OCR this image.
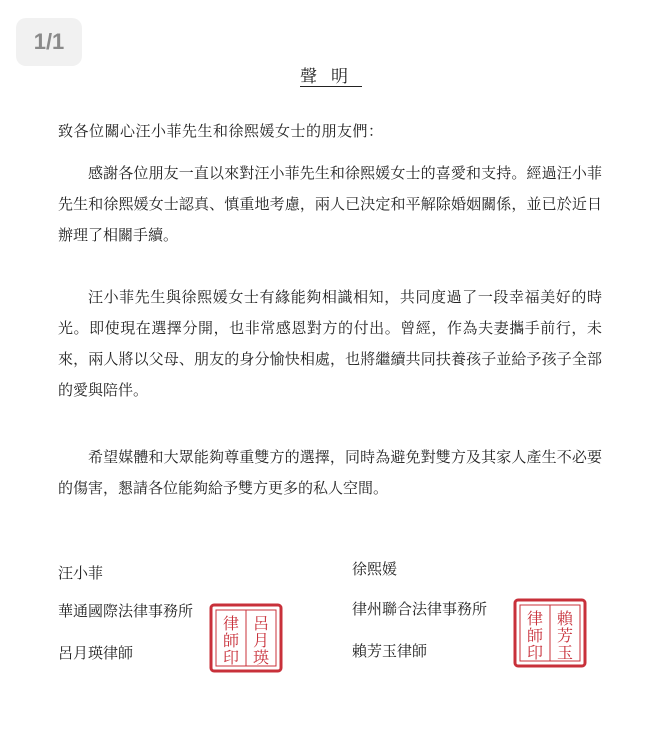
1/1
聲明
致各位關心汪小菲先生和徐熙媛女士的朋友們：

感謝各位朋友一直以來對汪小菲先生和徐熙媛女士的喜愛和支持。經過汪小菲先生和徐熙媛女士認真、慎重地考慮，兩人已決定和平解除婚姻關係，並已於近日辦理了相關手續。

汪小菲先生與徐熙媛女士有緣能夠相識相知，共同度過了一段幸福美好的時光。即使現在選擇分開，也非常感恩對方的付出。曾經，作為夫妻攜手前行，未來，兩人將以父母、朋友的身分愉快相處，也將繼續共同扶養孩子並給予孩子全部的愛與陪伴。

希望媒體和大眾能夠尊重雙方的選擇，同時為避免對雙方及其家人產生不必要的傷害，懇請各位能夠給予雙方更多的私人空間。

汪小菲
華通國際法律事務所
呂月瑛律師
律 呂
師 月
印 瑛
徐熙媛
律州聯合法律事務所
賴芳玉律師
律 賴
師 芳
印 玉
